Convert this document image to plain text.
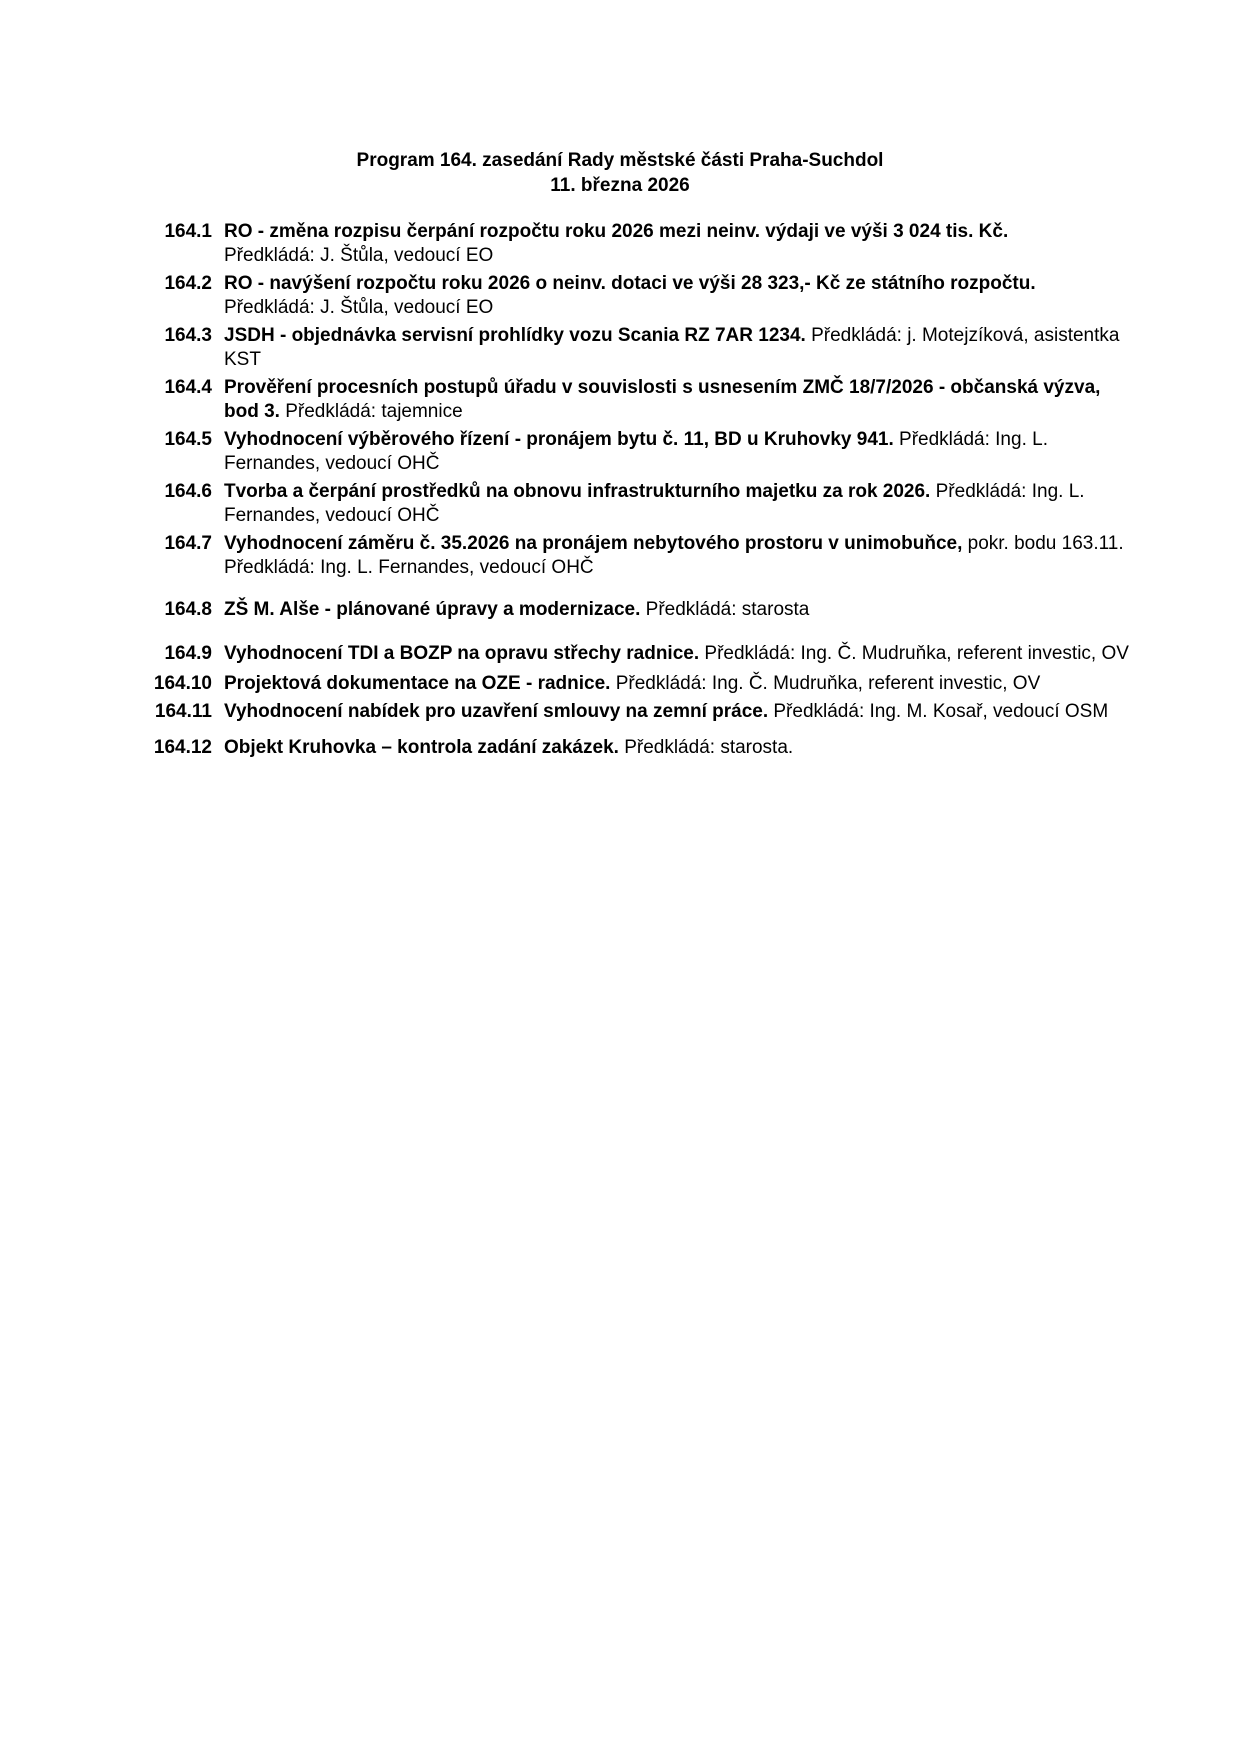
Program 164. zasedání Rady městské části Praha-Suchdol
11. března 2026
164.1 RO - změna rozpisu čerpání rozpočtu roku 2026 mezi neinv. výdaji ve výši 3 024 tis. Kč.
Předkládá: J. Štůla, vedoucí EO
164.2 RO - navýšení rozpočtu roku 2026 o neinv. dotaci ve výši 28 323,- Kč ze státního rozpočtu.
Předkládá: J. Štůla, vedoucí EO
164.3 JSDH - objednávka servisní prohlídky vozu Scania RZ 7AR 1234. Předkládá: j. Motejzíková, asistentka KST
164.4 Prověření procesních postupů úřadu v souvislosti s usnesením ZMČ 18/7/2026 - občanská výzva, bod 3. Předkládá: tajemnice
164.5 Vyhodnocení výběrového řízení - pronájem bytu č. 11, BD u Kruhovky 941. Předkládá: Ing. L. Fernandes, vedoucí OHČ
164.6 Tvorba a čerpání prostředků na obnovu infrastrukturního majetku za rok 2026. Předkládá: Ing. L. Fernandes, vedoucí OHČ
164.7 Vyhodnocení záměru č. 35.2026 na pronájem nebytového prostoru v unimobuňce, pokr. bodu 163.11. Předkládá: Ing. L. Fernandes, vedoucí OHČ
164.8 ZŠ M. Alše - plánované úpravy a modernizace. Předkládá: starosta
164.9 Vyhodnocení TDI a BOZP na opravu střechy radnice. Předkládá: Ing. Č. Mudruňka, referent investic, OV
164.10 Projektová dokumentace na OZE - radnice. Předkládá: Ing. Č. Mudruňka, referent investic, OV
164.11 Vyhodnocení nabídek pro uzavření smlouvy na zemní práce. Předkládá: Ing. M. Kosař, vedoucí OSM
164.12 Objekt Kruhovka – kontrola zadání zakázek. Předkládá: starosta.
